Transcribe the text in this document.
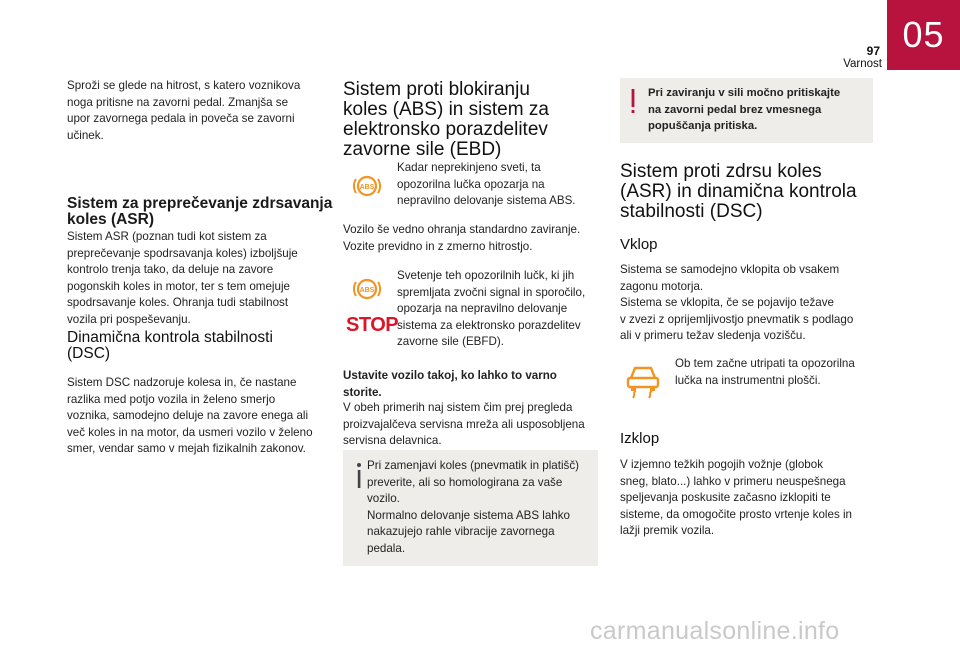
97
Varnost
05
Sproži se glede na hitrost, s katero voznikova
noga pritisne na zavorni pedal. Zmanjša se
upor zavornega pedala in poveča se zavorni
učinek.
Sistem za preprečevanje zdrsavanja koles (ASR)
Sistem ASR (poznan tudi kot sistem za
preprečevanje spodrsavanja koles) izboljšuje
kontrolo trenja tako, da deluje na zavore
pogonskih koles in motor, ter s tem omejuje
spodrsavanje koles. Ohranja tudi stabilnost
vozila pri pospeševanju.
Dinamična kontrola stabilnosti
(DSC)
Sistem DSC nadzoruje kolesa in, če nastane
razlika med potjo vozila in želeno smerjo
voznika, samodejno deluje na zavore enega ali
več koles in na motor, da usmeri vozilo v želeno
smer, vendar samo v mejah fizikalnih zakonov.
Sistem proti blokiranju
koles (ABS) in sistem za
elektronsko porazdelitev
zavorne sile (EBD)
ABS
Kadar neprekinjeno sveti, ta
opozorilna lučka opozarja na
nepravilno delovanje sistema ABS.
Vozilo še vedno ohranja standardno zaviranje.
Vozite previdno in z zmerno hitrostjo.
ABS
STOP
Svetenje teh opozorilnih lučk, ki jih
spremljata zvočni signal in sporočilo,
opozarja na nepravilno delovanje
sistema za elektronsko porazdelitev
zavorne sile (EBFD).
Ustavite vozilo takoj, ko lahko to varno
storite.
V obeh primerih naj sistem čim prej pregleda
proizvajalčeva servisna mreža ali usposobljena
servisna delavnica.
Pri zamenjavi koles (pnevmatik in platišč)
preverite, ali so homologirana za vaše
vozilo.
Normalno delovanje sistema ABS lahko
nakazujejo rahle vibracije zavornega
pedala.
Pri zaviranju v sili močno pritiskajte
na zavorni pedal brez vmesnega
popuščanja pritiska.
Sistem proti zdrsu koles
(ASR) in dinamična kontrola
stabilnosti (DSC)
Vklop
Sistema se samodejno vklopita ob vsakem
zagonu motorja.
Sistema se vklopita, če se pojavijo težave
v zvezi z oprijemljivostjo pnevmatik s podlago
ali v primeru težav sledenja vozišču.
Ob tem začne utripati ta opozorilna
lučka na instrumentni plošči.
Izklop
V izjemno težkih pogojih vožnje (globok
sneg, blato...) lahko v primeru neuspešnega
speljevanja poskusite začasno izklopiti te
sisteme, da omogočite prosto vrtenje koles in
lažji premik vozila.
carmanualsonline.info
